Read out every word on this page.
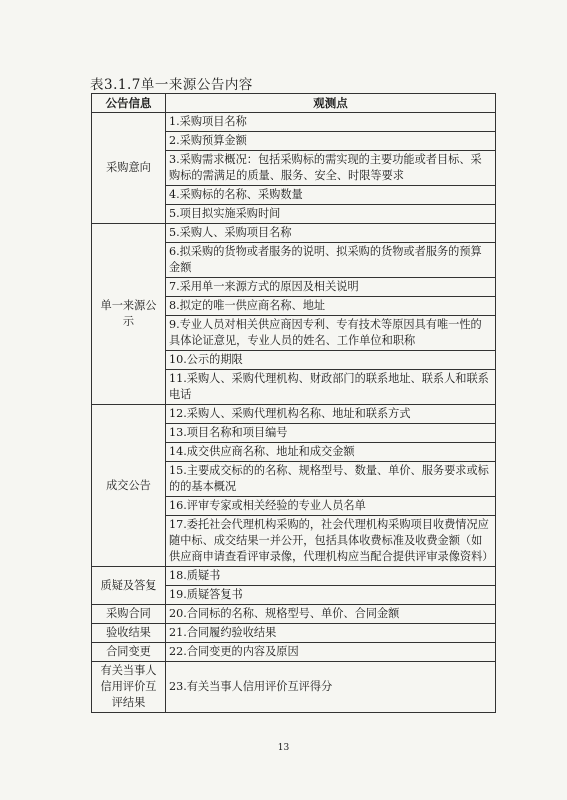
表3.1.7单一来源公告内容
公告信息	观测点
采购意向	1.采购项目名称
	2.采购预算金额
	3.采购需求概况：包括采购标的需实现的主要功能或者目标、采购标的需满足的质量、服务、安全、时限等要求
	4.采购标的名称、采购数量
	5.项目拟实施采购时间
单一来源公示	5.采购人、采购项目名称
	6.拟采购的货物或者服务的说明、拟采购的货物或者服务的预算金额
	7.采用单一来源方式的原因及相关说明
	8.拟定的唯一供应商名称、地址
	9.专业人员对相关供应商因专利、专有技术等原因具有唯一性的具体论证意见，专业人员的姓名、工作单位和职称
	10.公示的期限
	11.采购人、采购代理机构、财政部门的联系地址、联系人和联系电话
成交公告	12.采购人、采购代理机构名称、地址和联系方式
	13.项目名称和项目编号
	14.成交供应商名称、地址和成交金额
	15.主要成交标的的名称、规格型号、数量、单价、服务要求或标的的基本概况
	16.评审专家或相关经验的专业人员名单
	17.委托社会代理机构采购的，社会代理机构采购项目收费情况应随中标、成交结果一并公开，包括具体收费标准及收费金额（如供应商申请查看评审录像，代理机构应当配合提供评审录像资料）
质疑及答复	18.质疑书
	19.质疑答复书
采购合同	20.合同标的名称、规格型号、单价、合同金额
验收结果	21.合同履约验收结果
合同变更	22.合同变更的内容及原因
有关当事人信用评价互评结果	23.有关当事人信用评价互评得分
13
